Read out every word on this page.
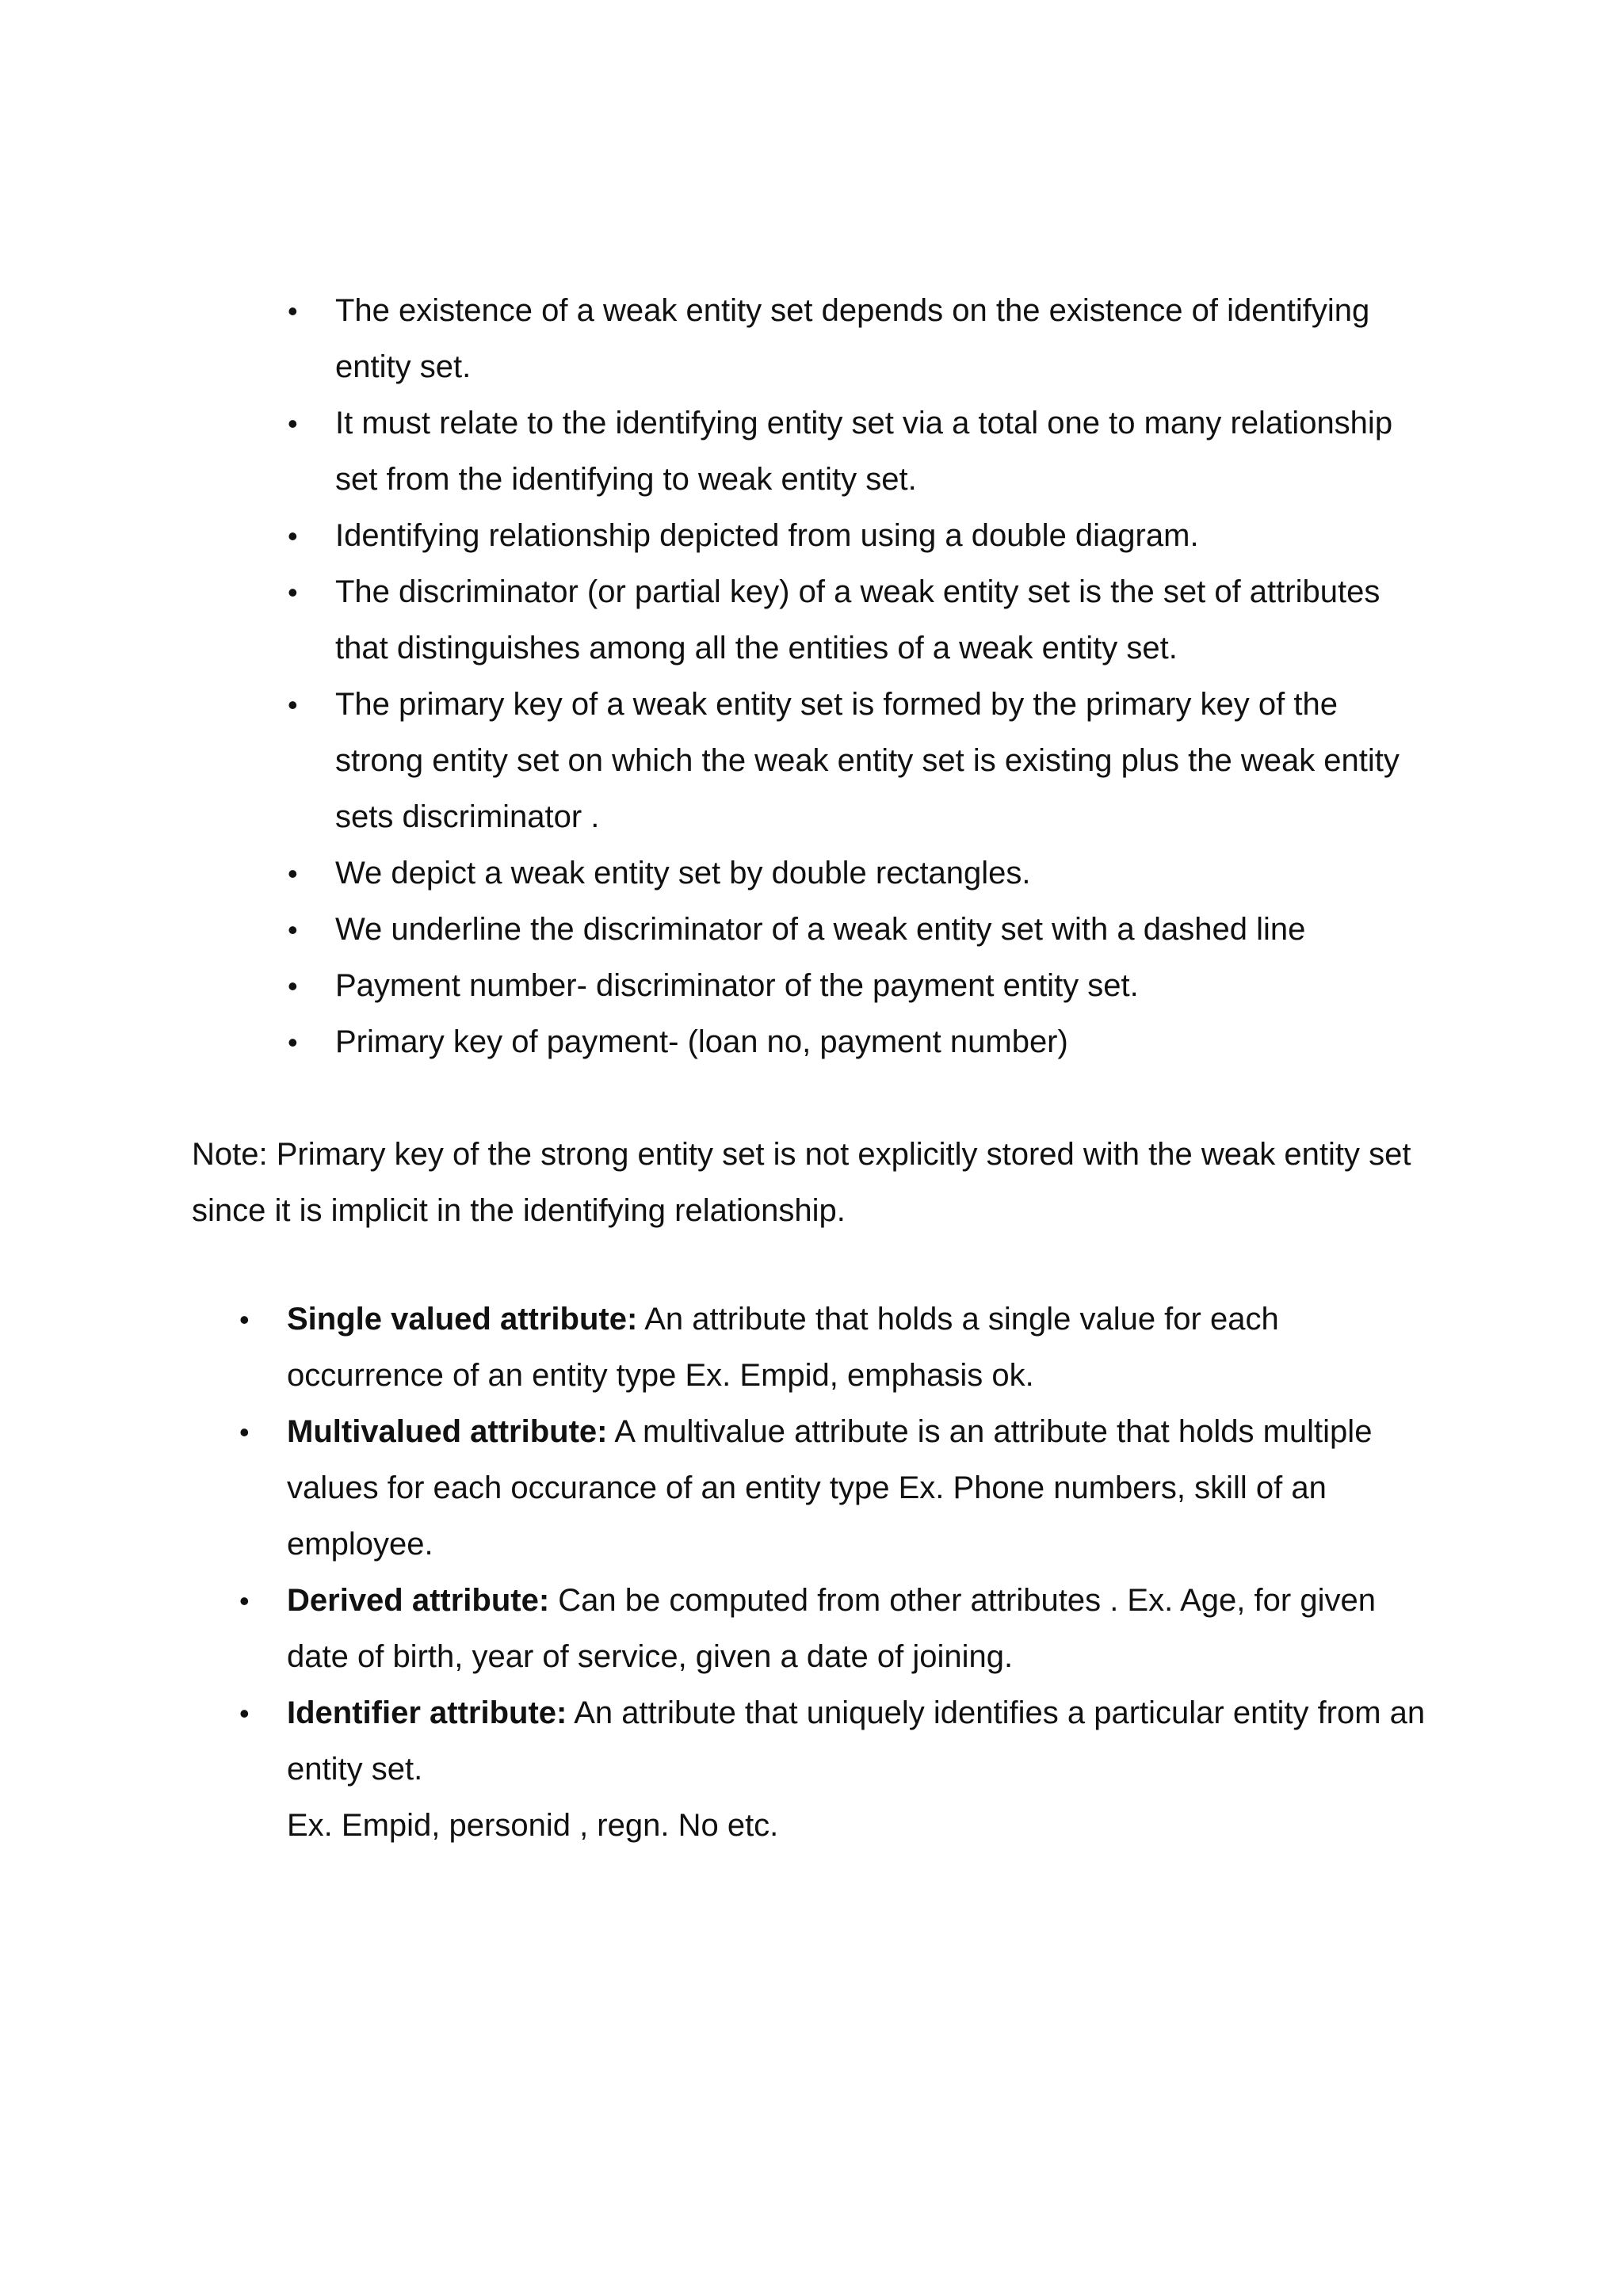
•	The existence of a weak entity set depends on the existence of identifying
entity set.
•	It must relate to the identifying entity set via a total one to many relationship
set from the identifying to weak entity set.
•	Identifying relationship depicted from using a double diagram.
•	The discriminator (or partial key) of a weak entity set is the set of attributes
that distinguishes among all the entities of a weak entity set.
•	The primary key of a weak entity set is formed by the primary key of the
strong entity set on which the weak entity set is existing plus the weak entity
sets discriminator .
•	We depict a weak entity set by double rectangles.
•	We underline the discriminator of a weak entity set with a dashed line
•	Payment number- discriminator of the payment entity set.
•	Primary key of payment- (loan no, payment number)
Note: Primary key of the strong entity set is not explicitly stored with the weak entity set
since it is implicit in the identifying relationship.
•	Single valued attribute: An attribute that holds a single value for each
occurrence of an entity type Ex. Empid, emphasis ok.
•	Multivalued attribute: A multivalue attribute is an attribute that holds multiple
values for each occurance of an entity type Ex. Phone numbers, skill of an
employee.
•	Derived attribute: Can be computed from other attributes . Ex. Age, for given
date of birth, year of service, given a date of joining.
•	Identifier attribute: An attribute that uniquely identifies a particular entity from an
entity set.
Ex. Empid, personid , regn. No etc.
